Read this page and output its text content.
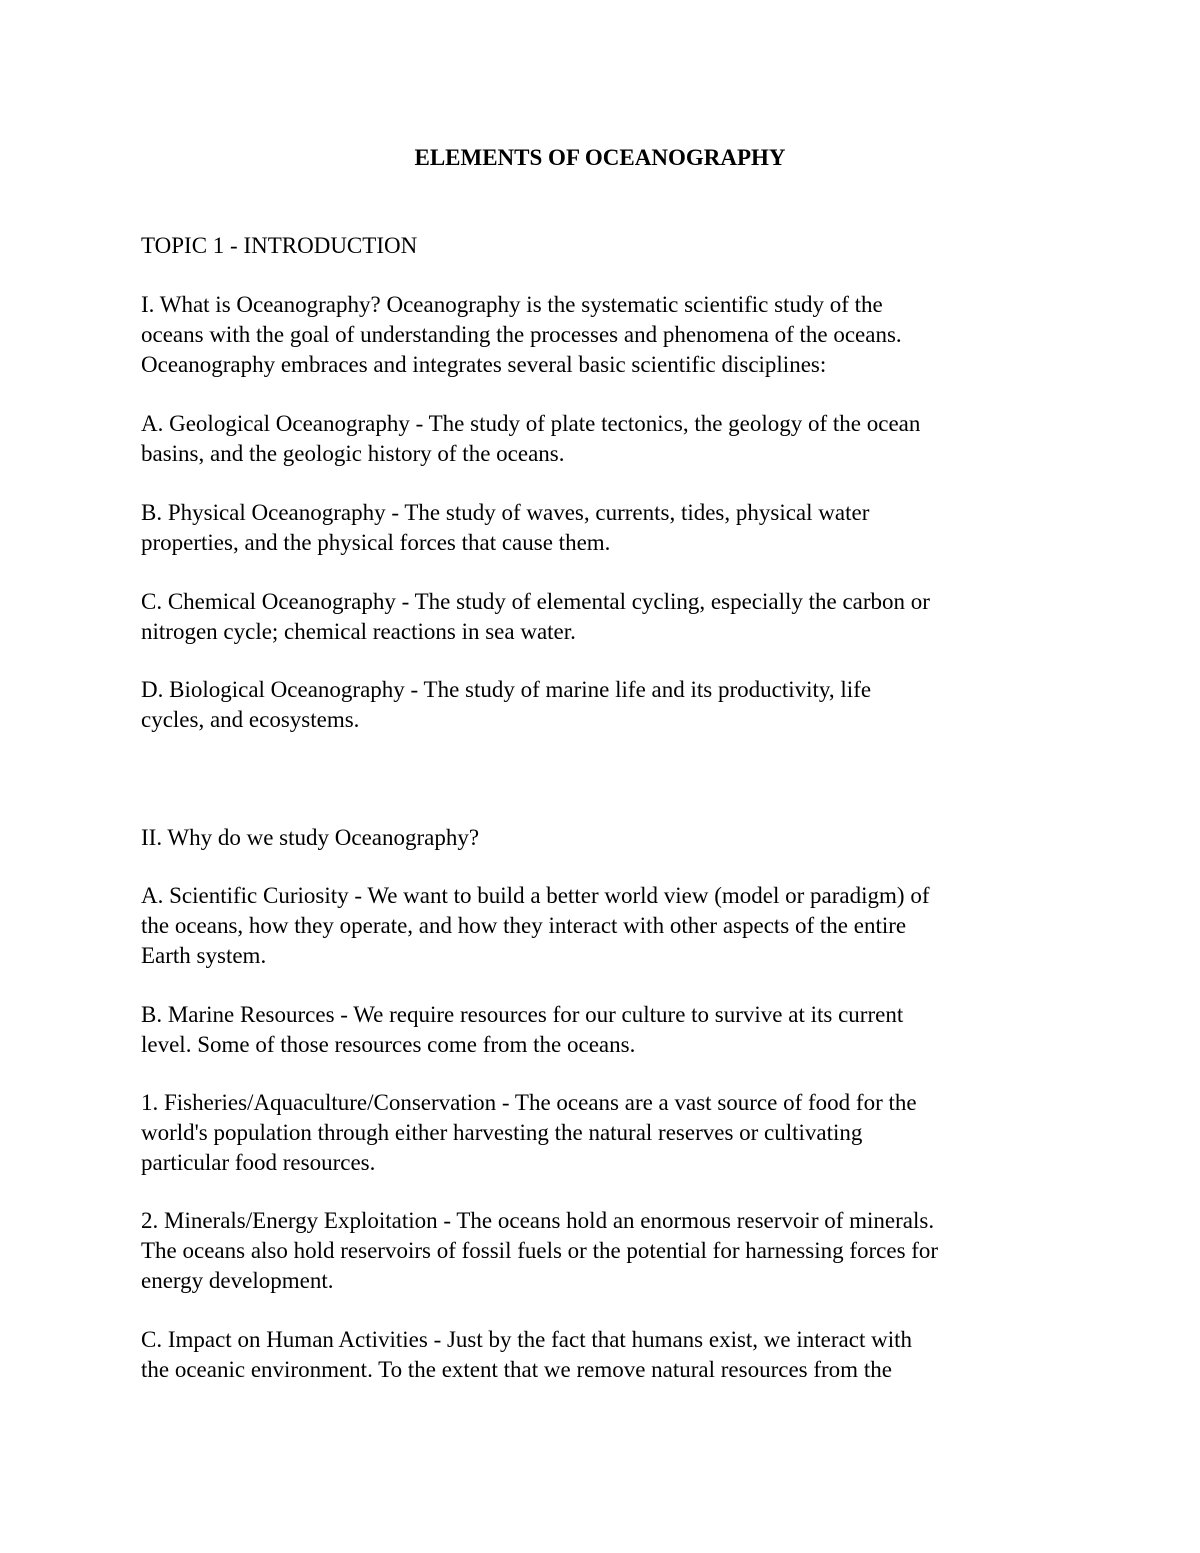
ELEMENTS OF OCEANOGRAPHY

TOPIC 1 - INTRODUCTION

I. What is Oceanography? Oceanography is the systematic scientific study of the

oceans with the goal of understanding the processes and phenomena of the oceans.

Oceanography embraces and integrates several basic scientific disciplines:

A. Geological Oceanography - The study of plate tectonics, the geology of the ocean

basins, and the geologic history of the oceans.

B. Physical Oceanography - The study of waves, currents, tides, physical water

properties, and the physical forces that cause them.

C. Chemical Oceanography - The study of elemental cycling, especially the carbon or

nitrogen cycle; chemical reactions in sea water.

D. Biological Oceanography - The study of marine life and its productivity, life

cycles, and ecosystems.

II. Why do we study Oceanography?

A. Scientific Curiosity - We want to build a better world view (model or paradigm) of

the oceans, how they operate, and how they interact with other aspects of the entire

Earth system.

B. Marine Resources - We require resources for our culture to survive at its current

level. Some of those resources come from the oceans.

1. Fisheries/Aquaculture/Conservation - The oceans are a vast source of food for the

world's population through either harvesting the natural reserves or cultivating

particular food resources.

2. Minerals/Energy Exploitation - The oceans hold an enormous reservoir of minerals.

The oceans also hold reservoirs of fossil fuels or the potential for harnessing forces for

energy development.

C. Impact on Human Activities - Just by the fact that humans exist, we interact with

the oceanic environment. To the extent that we remove natural resources from the
